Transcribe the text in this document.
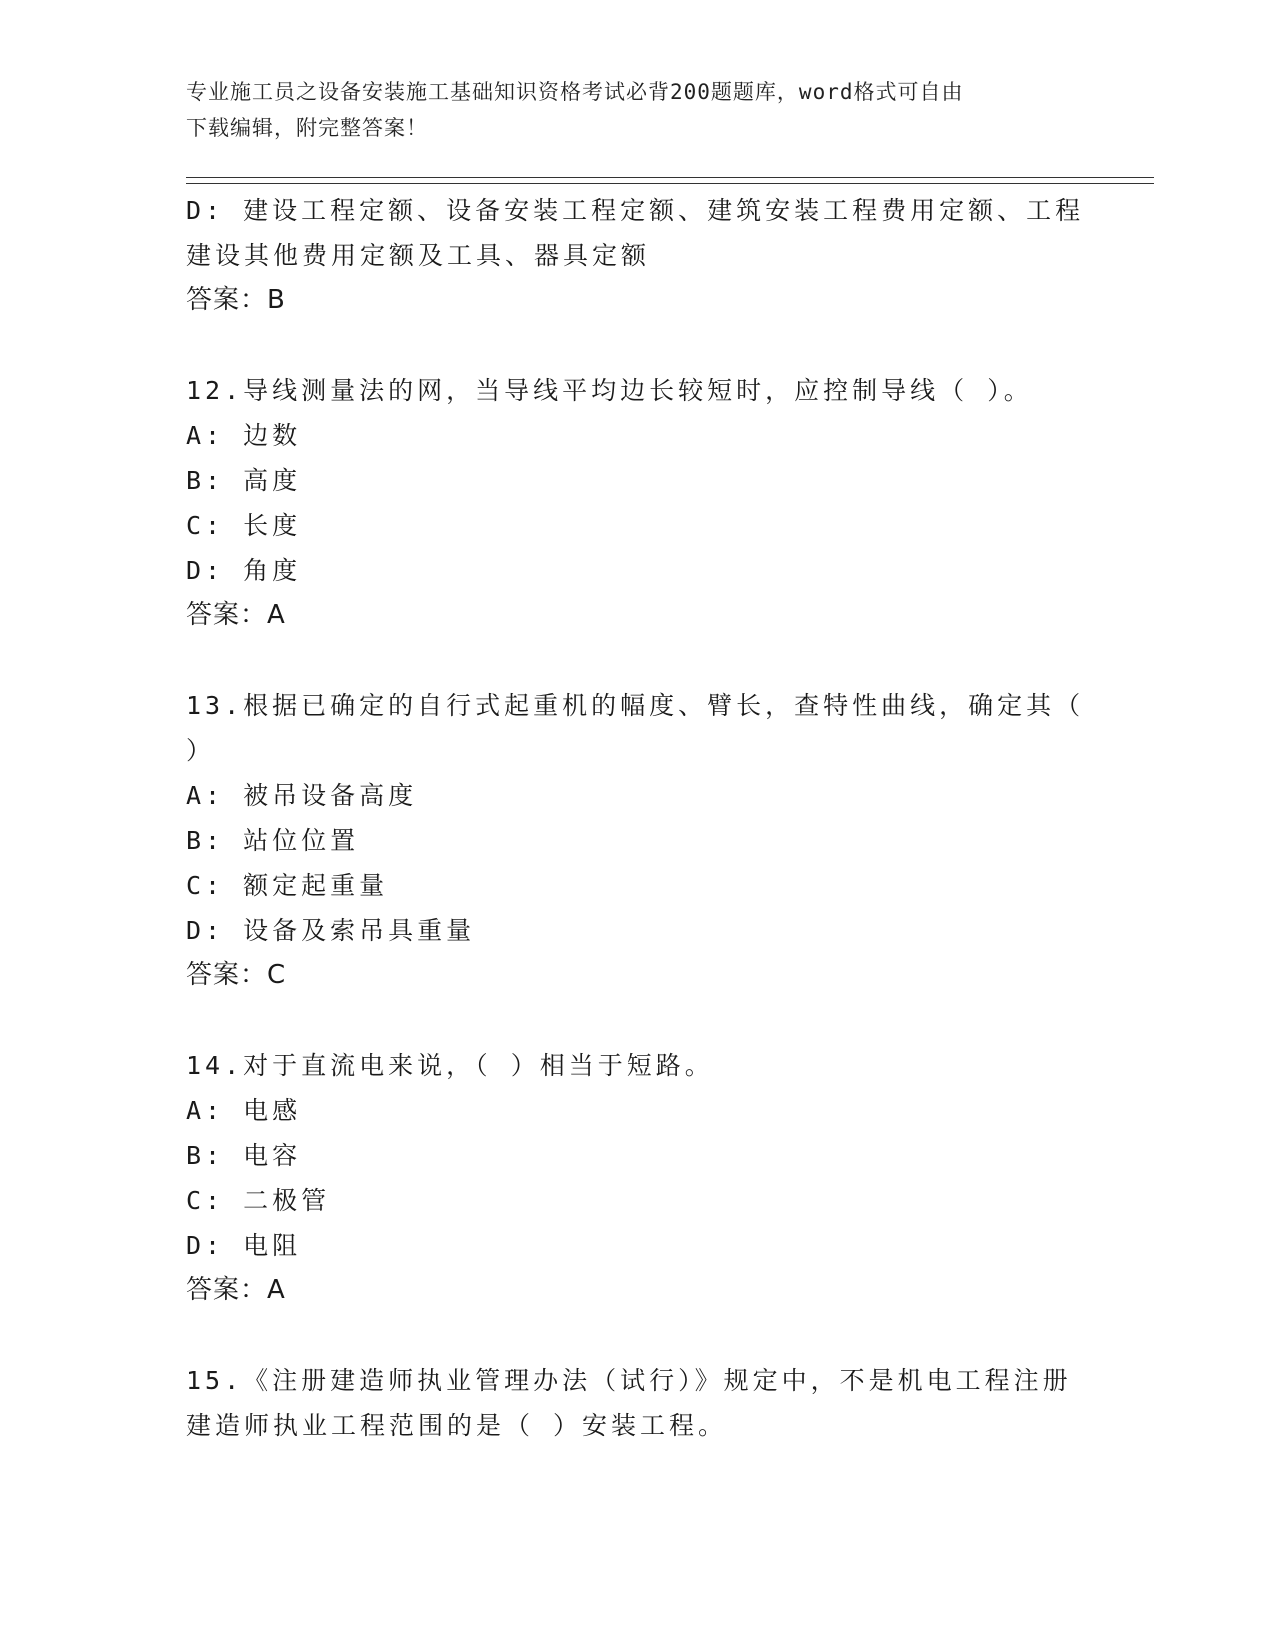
专业施工员之设备安装施工基础知识资格考试必背200题题库，word格式可自由
下载编辑，附完整答案！
D: 建设工程定额、设备安装工程定额、建筑安装工程费用定额、工程
建设其他费用定额及工具、器具定额
答案：B
12.导线测量法的网，当导线平均边长较短时，应控制导线（ ）。
A: 边数
B: 高度
C: 长度
D: 角度
答案：A
13.根据已确定的自行式起重机的幅度、臂长，查特性曲线，确定其（
）
A: 被吊设备高度
B: 站位位置
C: 额定起重量
D: 设备及索吊具重量
答案：C
14.对于直流电来说，（ ）相当于短路。
A: 电感
B: 电容
C: 二极管
D: 电阻
答案：A
15.《注册建造师执业管理办法（试行）》规定中，不是机电工程注册
建造师执业工程范围的是（ ）安装工程。
